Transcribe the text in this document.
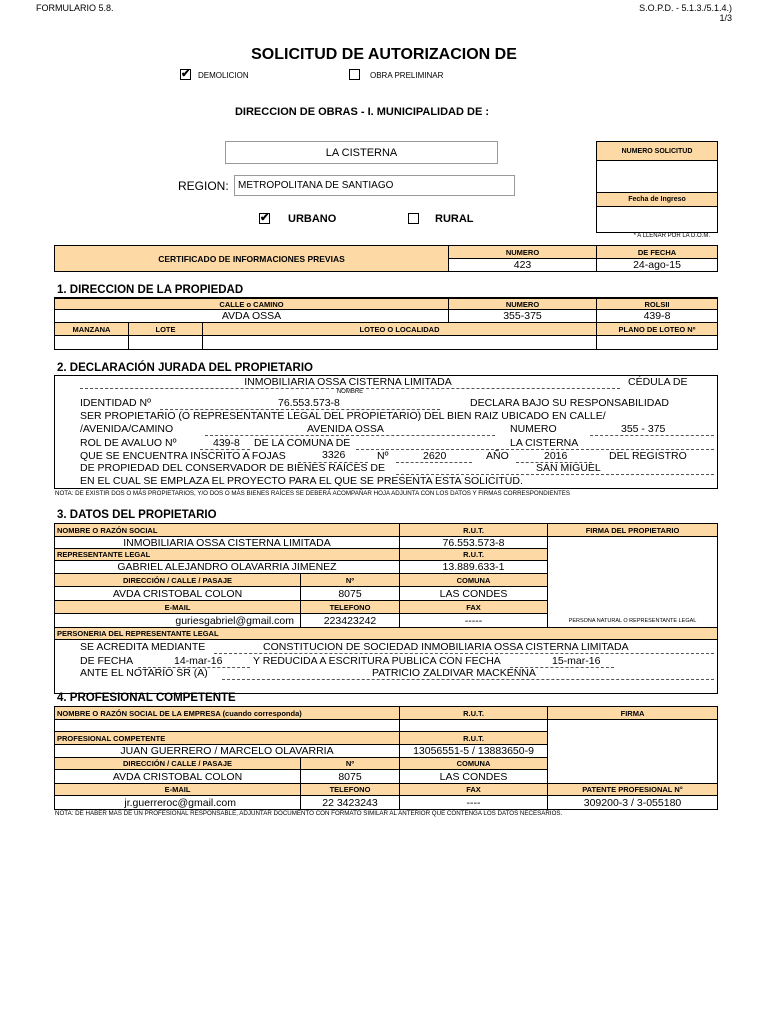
FORMULARIO 5.8.	S.O.P.D. - 5.1.3./5.1.4.)
1/3
SOLICITUD DE AUTORIZACION DE
✔ DEMOLICION	OBRA PRELIMINAR
DIRECCION DE OBRAS - I. MUNICIPALIDAD DE :
LA CISTERNA
REGION: METROPOLITANA DE SANTIAGO
✔ URBANO	RURAL
NUMERO SOLICITUD
Fecha de Ingreso
* A LLENAR POR LA D.O.M.
CERTIFICADO DE INFORMACIONES PREVIAS
NUMERO	DE FECHA
423	24-ago-15
1. DIRECCION DE LA PROPIEDAD
CALLE o CAMINO	NUMERO	ROLSII
AVDA OSSA	355-375	439-8
MANZANA	LOTE	LOTEO O LOCALIDAD	PLANO DE LOTEO Nº
2. DECLARACIÓN JURADA DEL PROPIETARIO
INMOBILIARIA OSSA CISTERNA LIMITADA	CÉDULA DE
NOMBRE
IDENTIDAD Nº	76.553.573-8	DECLARA BAJO SU RESPONSABILIDAD
SER PROPIETARIO (O REPRESENTANTE LEGAL DEL PROPIETARIO) DEL BIEN RAIZ UBICADO EN CALLE/
/AVENIDA/CAMINO	AVENIDA OSSA	NUMERO	355 - 375
ROL DE AVALUO Nº	439-8 DE LA COMUNA DE	LA CISTERNA
QUE SE ENCUENTRA INSCRITO A FOJAS	3326	Nº	2620	AÑO	2016	DEL REGISTRO
DE PROPIEDAD DEL CONSERVADOR DE BIENES RAÍCES DE	SAN MIGUEL
EN EL CUAL SE EMPLAZA EL PROYECTO PARA EL QUE SE PRESENTA ESTA SOLICITUD.
NOTA: DE EXISTIR DOS O MÁS PROPIETARIOS, Y/O DOS O MÁS BIENES RAÍCES SE DEBERÁ ACOMPAÑAR HOJA ADJUNTA CON LOS DATOS Y FIRMAS CORRESPONDIENTES
3. DATOS DEL PROPIETARIO
NOMBRE O RAZÓN SOCIAL	R.U.T.	FIRMA DEL PROPIETARIO
INMOBILIARIA OSSA CISTERNA LIMITADA	76.553.573-8
PERSONA NATURAL O REPRESENTANTE LEGAL
REPRESENTANTE LEGAL	R.U.T.
GABRIEL ALEJANDRO OLAVARRIA JIMENEZ	13.889.633-1
DIRECCIÓN / CALLE / PASAJE	Nº	COMUNA
AVDA CRISTOBAL COLON	8075	LAS CONDES
E-MAIL	TELEFONO	FAX
guriesgabriel@gmail.com	223423242	-----
PERSONERIA DEL REPRESENTANTE LEGAL
SE ACREDITA MEDIANTE	CONSTITUCION DE SOCIEDAD INMOBILIARIA OSSA CISTERNA LIMITADA
DE FECHA	14-mar-16	Y REDUCIDA A ESCRITURA PUBLICA CON FECHA	15-mar-16
ANTE EL NOTARIO SR (A)	PATRICIO ZALDIVAR MACKENNA
4. PROFESIONAL COMPETENTE
NOMBRE O RAZÓN SOCIAL DE LA EMPRESA (cuando corresponda)	R.U.T.	FIRMA
PROFESIONAL COMPETENTE	R.U.T.
JUAN GUERRERO / MARCELO OLAVARRIA	13056551-5 / 13883650-9
DIRECCIÓN / CALLE / PASAJE	Nº	COMUNA
AVDA CRISTOBAL COLON	8075	LAS CONDES
E-MAIL	TELEFONO	FAX	PATENTE PROFESIONAL N°
jr.guerreroc@gmail.com	22 3423243	----	309200-3 / 3-055180
NOTA: DE HABER MÁS DE UN PROFESIONAL RESPONSABLE, ADJUNTAR DOCUMENTO CON FORMATO SIMILAR AL ANTERIOR QUE CONTENGA LOS DATOS NECESARIOS.
